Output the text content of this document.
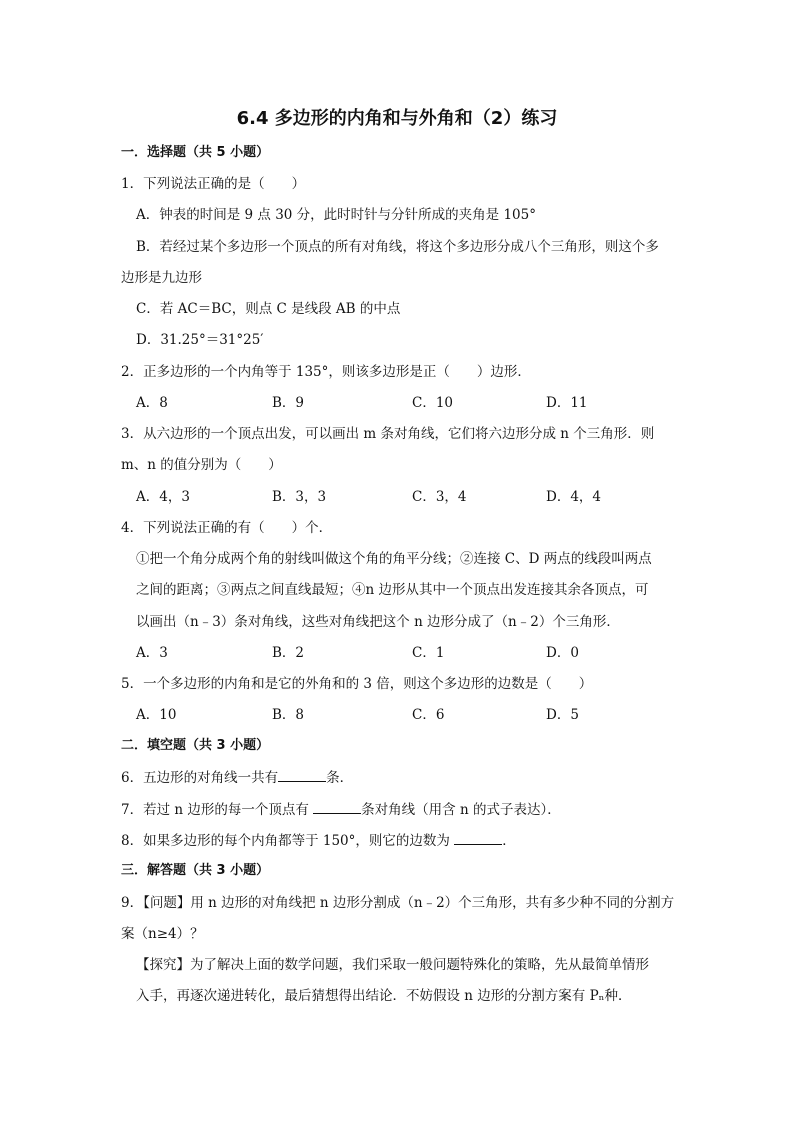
6.4 多边形的内角和与外角和（2）练习
一．选择题（共 5 小题）
1．下列说法正确的是（　　）
A．钟表的时间是 9 点 30 分，此时时针与分针所成的夹角是 105°
B．若经过某个多边形一个顶点的所有对角线，将这个多边形分成八个三角形，则这个多
边形是九边形
C．若 AC＝BC，则点 C 是线段 AB 的中点
D．31.25°＝31°25′
2．正多边形的一个内角等于 135°，则该多边形是正（　　）边形．
A．8	B．9	C．10	D．11
3．从六边形的一个顶点出发，可以画出 m 条对角线，它们将六边形分成 n 个三角形．则
m、n 的值分别为（　　）
A．4，3	B．3，3	C．3，4	D．4，4
4．下列说法正确的有（　　）个．
①把一个角分成两个角的射线叫做这个角的角平分线；②连接 C、D 两点的线段叫两点
之间的距离；③两点之间直线最短；④n 边形从其中一个顶点出发连接其余各顶点，可
以画出（n﹣3）条对角线，这些对角线把这个 n 边形分成了（n﹣2）个三角形．
A．3	B．2	C．1	D．0
5．一个多边形的内角和是它的外角和的 3 倍，则这个多边形的边数是（　　）
A．10	B．8	C．6	D．5
二．填空题（共 3 小题）
6．五边形的对角线一共有	条．
7．若过 n 边形的每一个顶点有	条对角线（用含 n 的式子表达）．
8．如果多边形的每个内角都等于 150°，则它的边数为	．
三．解答题（共 3 小题）
9．【问题】用 n 边形的对角线把 n 边形分割成（n﹣2）个三角形，共有多少种不同的分割方
案（n≥4）？
【探究】为了解决上面的数学问题，我们采取一般问题特殊化的策略，先从最简单情形
入手，再逐次递进转化，最后猜想得出结论．不妨假设 n 边形的分割方案有 Pₙ种．
